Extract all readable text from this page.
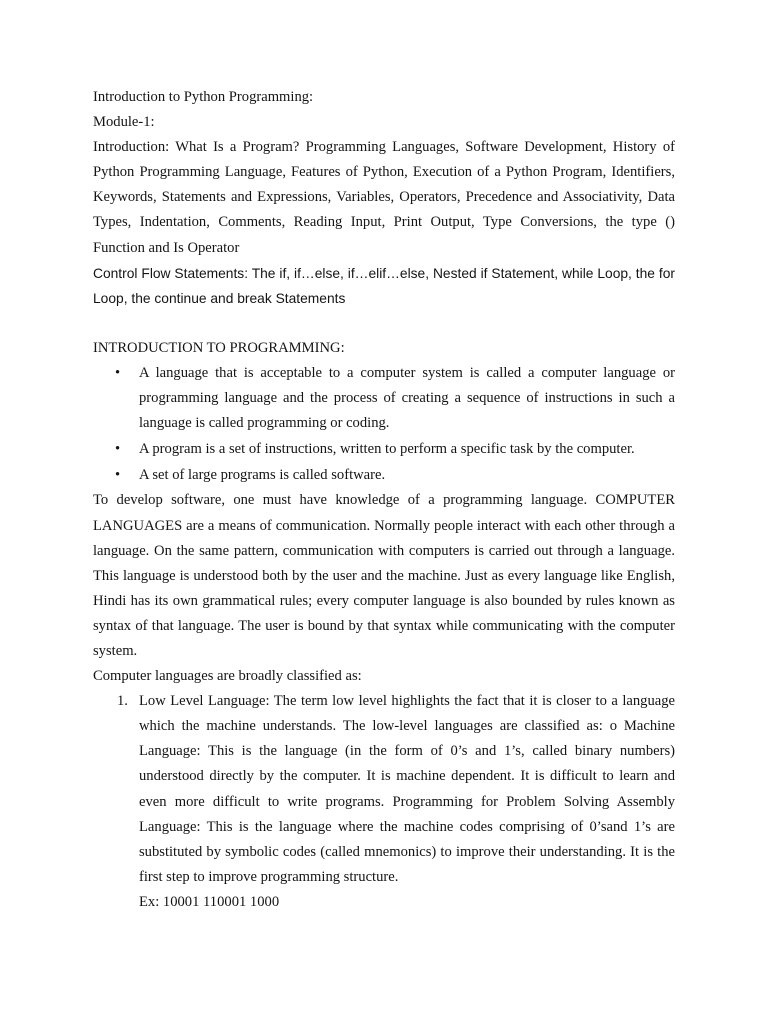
Introduction to Python Programming:
Module-1:
Introduction: What Is a Program? Programming Languages, Software Development, History of Python Programming Language, Features of Python, Execution of a Python Program, Identifiers, Keywords, Statements and Expressions, Variables, Operators, Precedence and Associativity, Data Types, Indentation, Comments, Reading Input, Print Output, Type Conversions, the type () Function and Is Operator
Control Flow Statements: The if, if…else, if…elif…else, Nested if Statement, while Loop, the for Loop, the continue and break Statements
INTRODUCTION TO PROGRAMMING:
• A language that is acceptable to a computer system is called a computer language or programming language and the process of creating a sequence of instructions in such a language is called programming or coding.
• A program is a set of instructions, written to perform a specific task by the computer.
• A set of large programs is called software.
To develop software, one must have knowledge of a programming language. COMPUTER LANGUAGES are a means of communication. Normally people interact with each other through a language. On the same pattern, communication with computers is carried out through a language. This language is understood both by the user and the machine. Just as every language like English, Hindi has its own grammatical rules; every computer language is also bounded by rules known as syntax of that language. The user is bound by that syntax while communicating with the computer system.
Computer languages are broadly classified as:
1. Low Level Language: The term low level highlights the fact that it is closer to a language which the machine understands. The low-level languages are classified as: o Machine Language: This is the language (in the form of 0’s and 1’s, called binary numbers) understood directly by the computer. It is machine dependent. It is difficult to learn and even more difficult to write programs. Programming for Problem Solving Assembly Language: This is the language where the machine codes comprising of 0’sand 1’s are substituted by symbolic codes (called mnemonics) to improve their understanding. It is the first step to improve programming structure.
Ex: 10001 110001 1000
